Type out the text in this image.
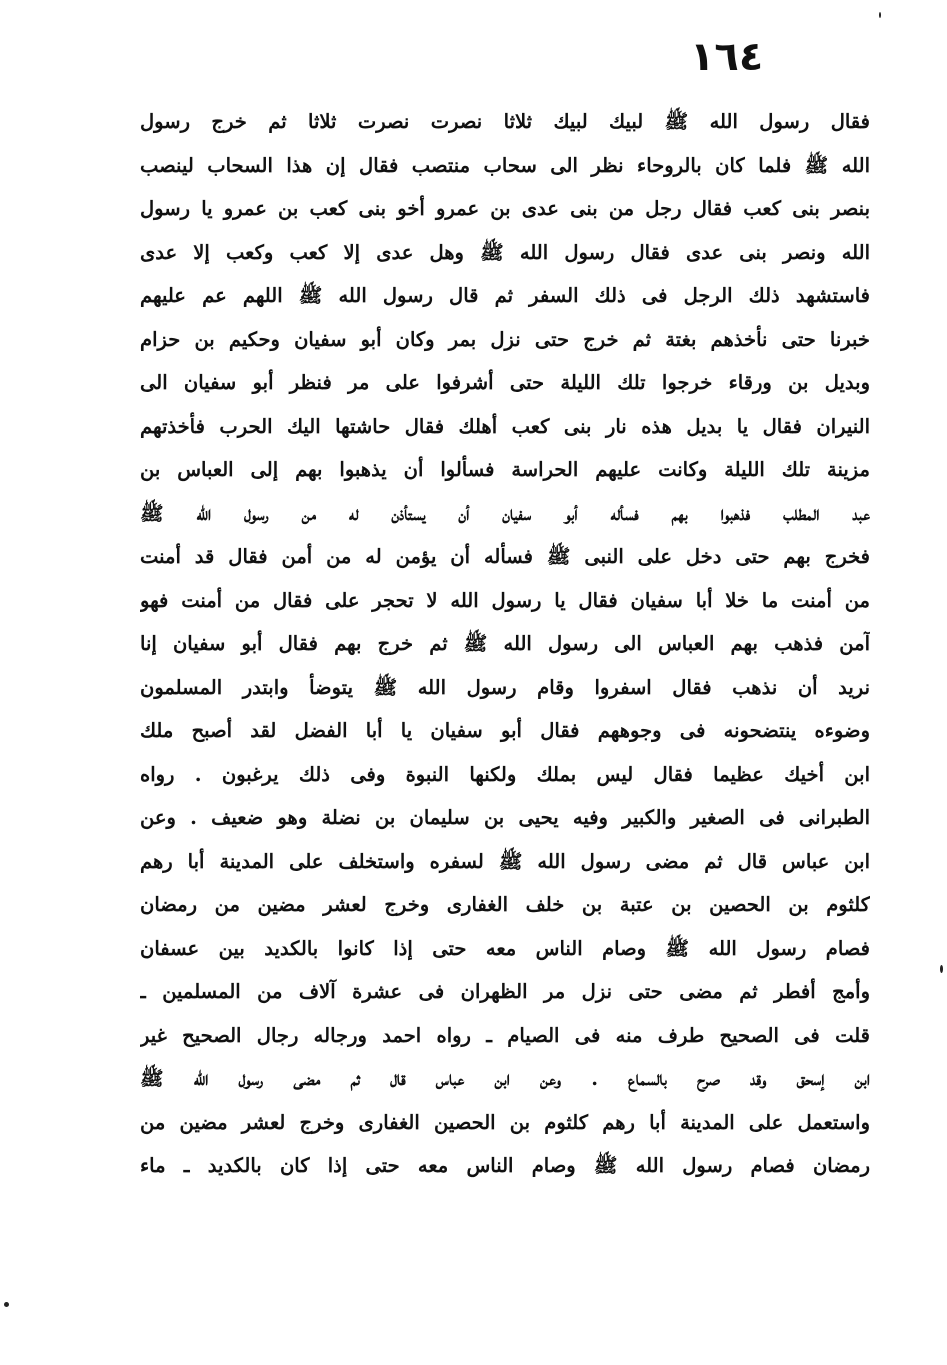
١٦٤
فقال رسول الله ﷺ لبيك لبيك ثلاثا نصرت نصرت ثلاثا ثم خرج رسول
الله ﷺ فلما كان بالروحاء نظر الى سحاب منتصب فقال إن هذا السحاب لينصب
بنصر بنى كعب فقال رجل من بنى عدى بن عمرو أخو بنى كعب بن عمرو يا رسول
الله ونصر بنى عدى فقال رسول الله ﷺ وهل عدى إلا كعب وكعب إلا عدى
فاستشهد ذلك الرجل فى ذلك السفر ثم قال رسول الله ﷺ اللهم عم عليهم
خبرنا حتى نأخذهم بغتة ثم خرج حتى نزل بمر وكان أبو سفيان وحكيم بن حزام
وبديل بن ورقاء خرجوا تلك الليلة حتى أشرفوا على مر فنظر أبو سفيان الى
النيران فقال يا بديل هذه نار بنى كعب أهلك فقال حاشتها اليك الحرب فأخذتهم
مزينة تلك الليلة وكانت عليهم الحراسة فسألوا أن يذهبوا بهم إلى العباس بن
عبد المطلب فذهبوا بهم فسأله أبو سفيان أن يستأذن له من رسول الله ﷺ
فخرج بهم حتى دخل على النبى ﷺ فسأله أن يؤمن له من أمن فقال قد أمنت
من أمنت ما خلا أبا سفيان فقال يا رسول الله لا تحجر على فقال من أمنت فهو
آمن فذهب بهم العباس الى رسول الله ﷺ ثم خرج بهم فقال أبو سفيان إنا
نريد أن نذهب فقال اسفروا وقام رسول الله ﷺ يتوضأ وابتدر المسلمون
وضوءه ينتضحونه فى وجوههم فقال أبو سفيان يا أبا الفضل لقد أصبح ملك
ابن أخيك عظيما فقال ليس بملك ولكنها النبوة وفى ذلك يرغبون . رواه
الطبرانى فى الصغير والكبير وفيه يحيى بن سليمان بن نضلة وهو ضعيف . وعن
ابن عباس قال ثم مضى رسول الله ﷺ لسفره واستخلف على المدينة أبا رهم
كلثوم بن الحصين بن عتبة بن خلف الغفارى وخرج لعشر مضين من رمضان
فصام رسول الله ﷺ وصام الناس معه حتى إذا كانوا بالكديد بين عسفان
وأمج أفطر ثم مضى حتى نزل مر الظهران فى عشرة آلاف من المسلمين ـ
قلت فى الصحيح طرف منه فى الصيام ـ رواه احمد ورجاله رجال الصحيح غير
ابن إسحق وقد صرح بالسماع . وعن ابن عباس قال ثم مضى رسول الله ﷺ
واستعمل على المدينة أبا رهم كلثوم بن الحصين الغفارى وخرج لعشر مضين من
رمضان فصام رسول الله ﷺ وصام الناس معه حتى إذا كان بالكديد ـ ماء
